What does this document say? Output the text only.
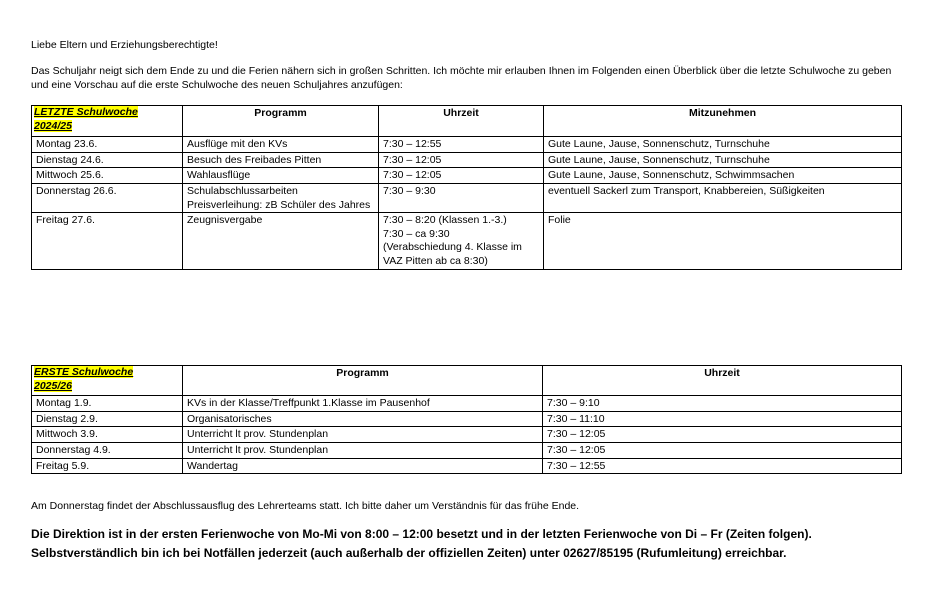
Liebe Eltern und Erziehungsberechtigte!
Das Schuljahr neigt sich dem Ende zu und die Ferien nähern sich in großen Schritten. Ich möchte mir erlauben Ihnen im Folgenden einen Überblick über die letzte Schulwoche zu geben und eine Vorschau auf die erste Schulwoche des neuen Schuljahres anzufügen:
LETZTE Schulwoche
2024/25	Programm	Uhrzeit	Mitzunehmen
Montag 23.6.	Ausflüge mit den KVs	7:30 – 12:55	Gute Laune, Jause, Sonnenschutz, Turnschuhe
Dienstag 24.6.	Besuch des Freibades Pitten	7:30 – 12:05	Gute Laune, Jause, Sonnenschutz, Turnschuhe
Mittwoch 25.6.	Wahlausflüge	7:30 – 12:05	Gute Laune, Jause, Sonnenschutz, Schwimmsachen
Donnerstag 26.6.	Schulabschlussarbeiten
Preisverleihung: zB Schüler des Jahres	7:30 – 9:30	eventuell Sackerl zum Transport, Knabbereien, Süßigkeiten
Freitag 27.6.	Zeugnisvergabe	7:30 – 8:20 (Klassen 1.-3.)
7:30 – ca 9:30
(Verabschiedung 4. Klasse im VAZ Pitten ab ca 8:30)	Folie
ERSTE Schulwoche
2025/26	Programm	Uhrzeit
Montag 1.9.	KVs in der Klasse/Treffpunkt 1.Klasse im Pausenhof	7:30 – 9:10
Dienstag 2.9.	Organisatorisches	7:30 – 11:10
Mittwoch 3.9.	Unterricht lt prov. Stundenplan	7:30 – 12:05
Donnerstag 4.9.	Unterricht lt prov. Stundenplan	7:30 – 12:05
Freitag 5.9.	Wandertag	7:30 – 12:55
Am Donnerstag findet der Abschlussausflug des Lehrerteams statt. Ich bitte daher um Verständnis für das frühe Ende.
Die Direktion ist in der ersten Ferienwoche von Mo-Mi von 8:00 – 12:00 besetzt und in der letzten Ferienwoche von Di – Fr (Zeiten folgen).
Selbstverständlich bin ich bei Notfällen jederzeit (auch außerhalb der offiziellen Zeiten) unter 02627/85195 (Rufumleitung) erreichbar.
